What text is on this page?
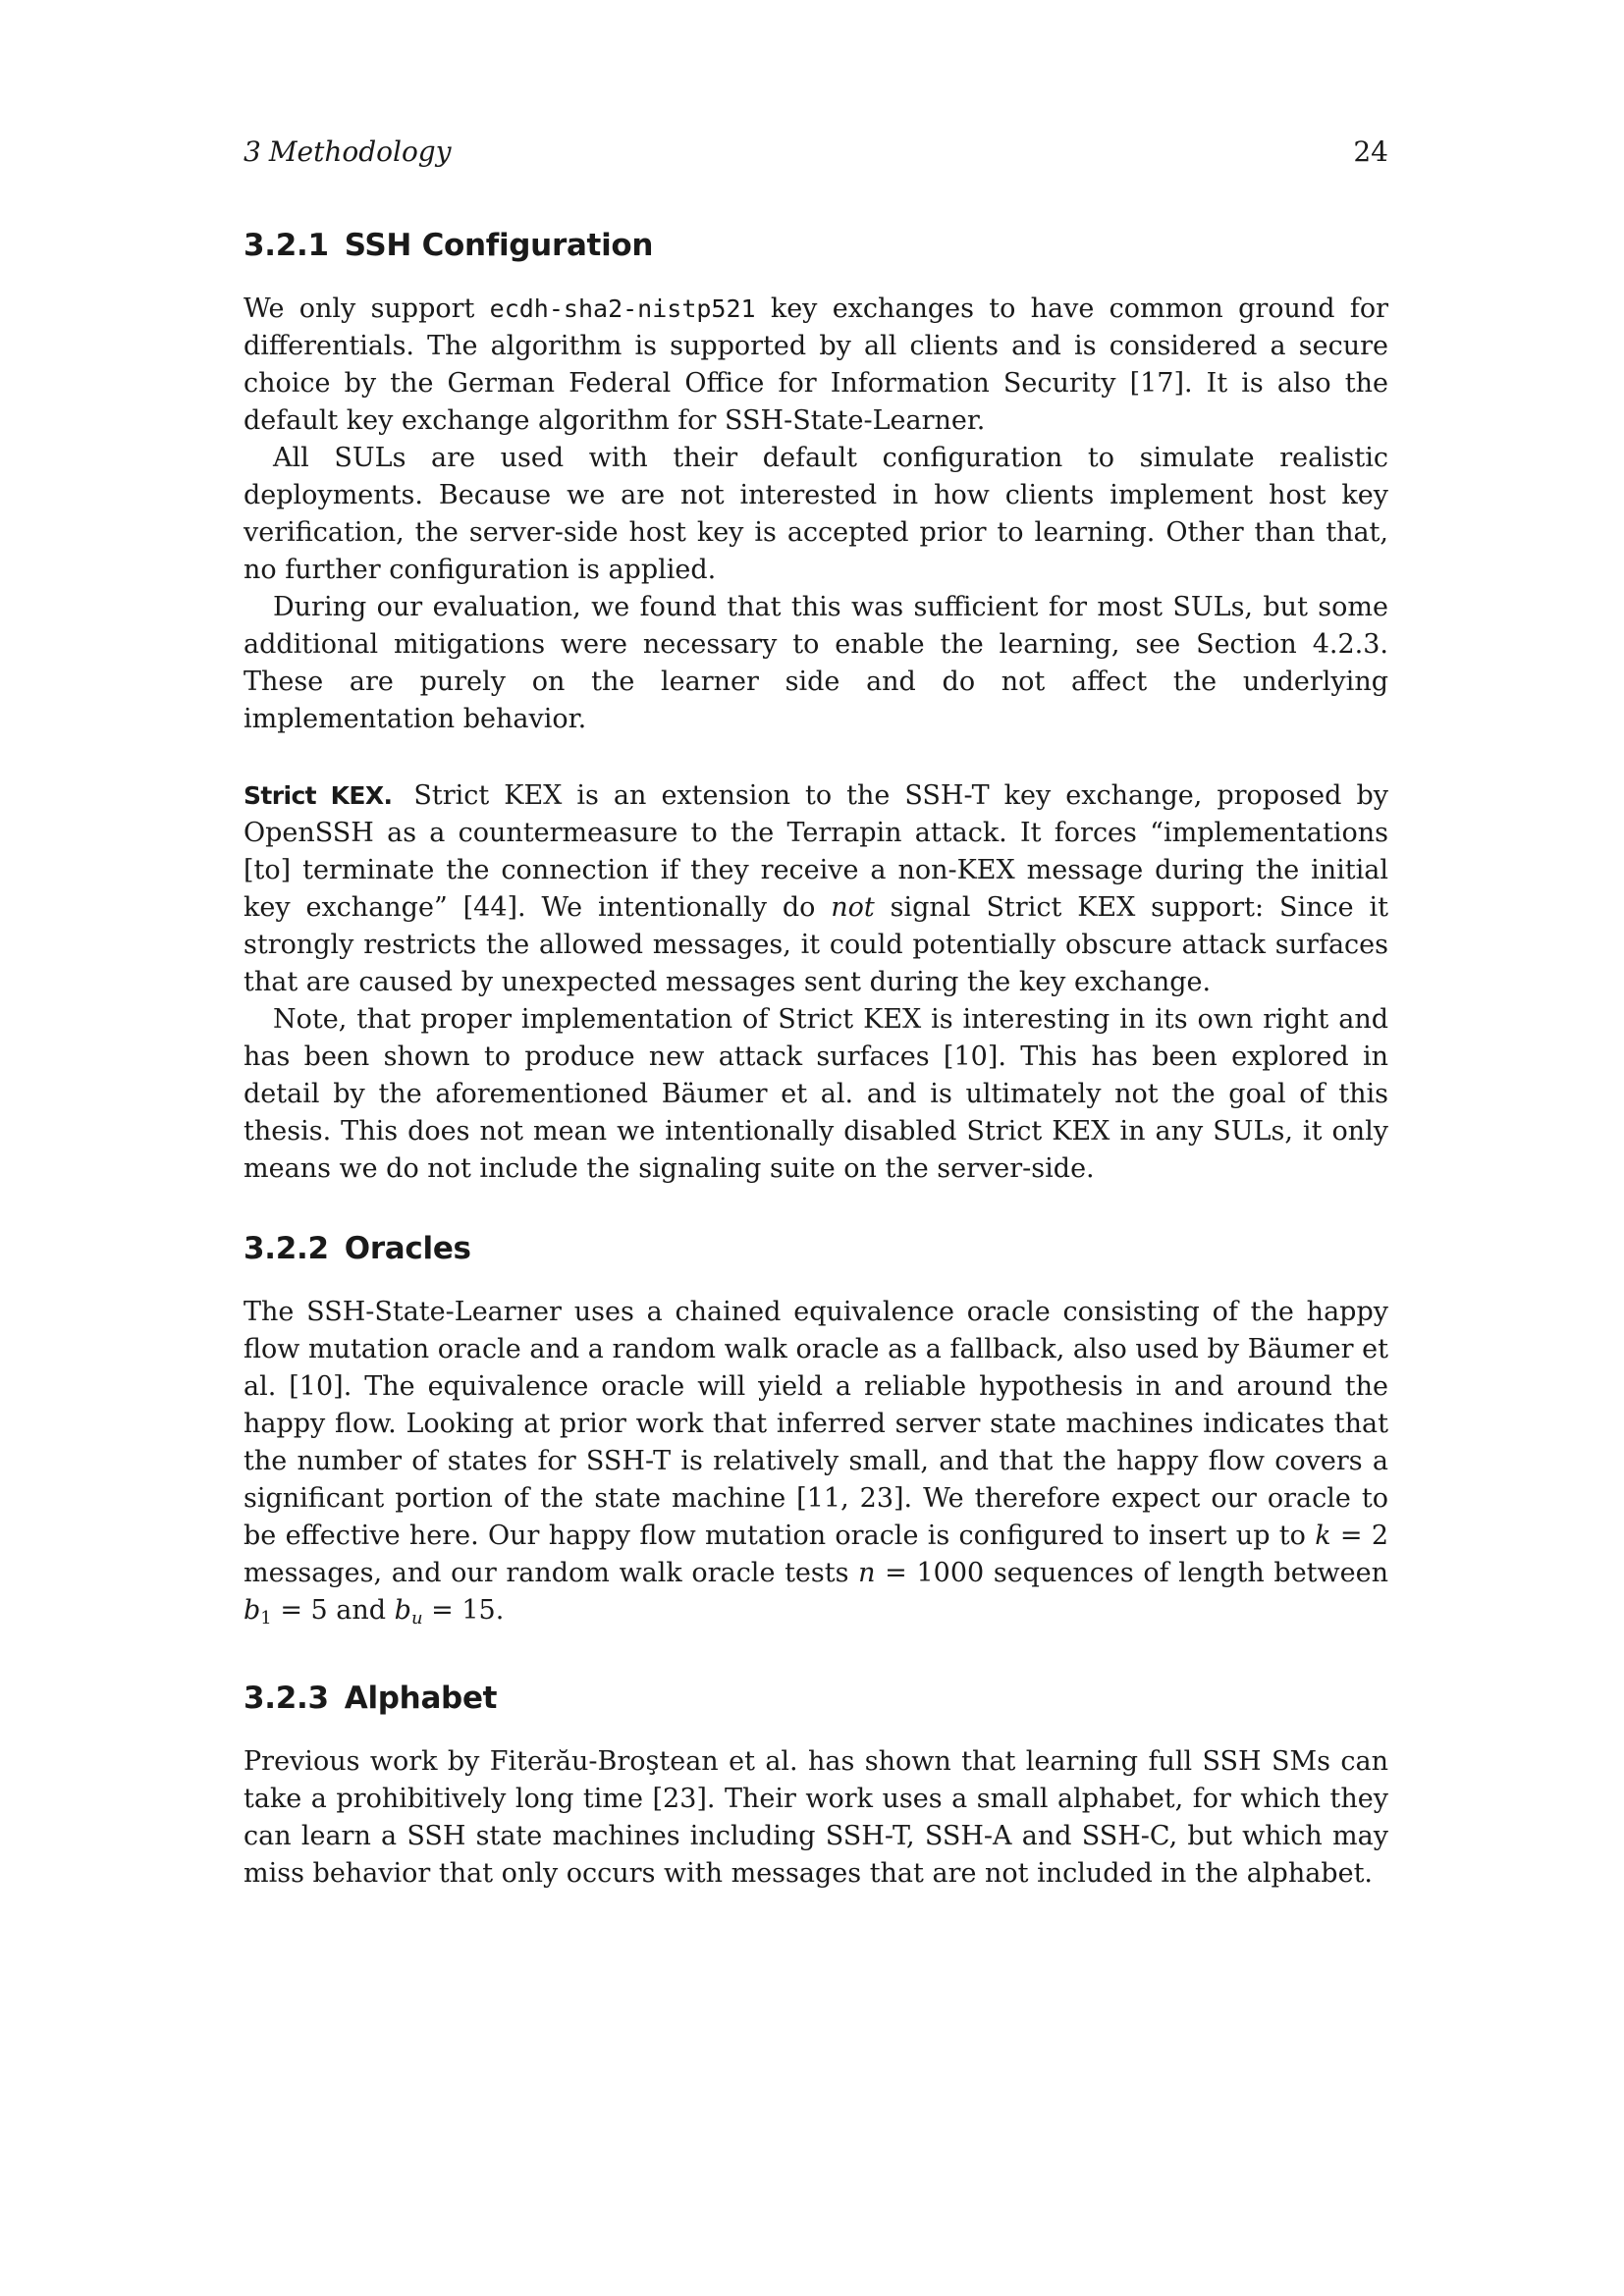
3 Methodology	24
3.2.1 SSH Configuration

We only support ecdh-sha2-nistp521 key exchanges to have common ground for differentials. The algorithm is supported by all clients and is considered a secure choice by the German Federal Office for Information Security [17]. It is also the default key exchange algorithm for SSH-State-Learner.

All SULs are used with their default configuration to simulate realistic deployments. Because we are not interested in how clients implement host key verification, the server-side host key is accepted prior to learning. Other than that, no further configuration is applied.

During our evaluation, we found that this was sufficient for most SULs, but some additional mitigations were necessary to enable the learning, see Section 4.2.3. These are purely on the learner side and do not affect the underlying implementation behavior.

Strict KEX. Strict KEX is an extension to the SSH-T key exchange, proposed by OpenSSH as a countermeasure to the Terrapin attack. It forces “implementations [to] terminate the connection if they receive a non-KEX message during the initial key exchange” [44]. We intentionally do not signal Strict KEX support: Since it strongly restricts the allowed messages, it could potentially obscure attack surfaces that are caused by unexpected messages sent during the key exchange.

Note, that proper implementation of Strict KEX is interesting in its own right and has been shown to produce new attack surfaces [10]. This has been explored in detail by the aforementioned Bäumer et al. and is ultimately not the goal of this thesis. This does not mean we intentionally disabled Strict KEX in any SULs, it only means we do not include the signaling suite on the server-side.

3.2.2 Oracles

The SSH-State-Learner uses a chained equivalence oracle consisting of the happy flow mutation oracle and a random walk oracle as a fallback, also used by Bäumer et al. [10]. The equivalence oracle will yield a reliable hypothesis in and around the happy flow. Looking at prior work that inferred server state machines indicates that the number of states for SSH-T is relatively small, and that the happy flow covers a significant portion of the state machine [11, 23]. We therefore expect our oracle to be effective here. Our happy flow mutation oracle is configured to insert up to k = 2 messages, and our random walk oracle tests n = 1000 sequences of length between $b_1 = 5$ and $b_u = 15$.

3.2.3 Alphabet

Previous work by Fiterău-Broştean et al. has shown that learning full SSH SMs can take a prohibitively long time [23]. Their work uses a small alphabet, for which they can learn a SSH state machines including SSH-T, SSH-A and SSH-C, but which may miss behavior that only occurs with messages that are not included in the alphabet.
